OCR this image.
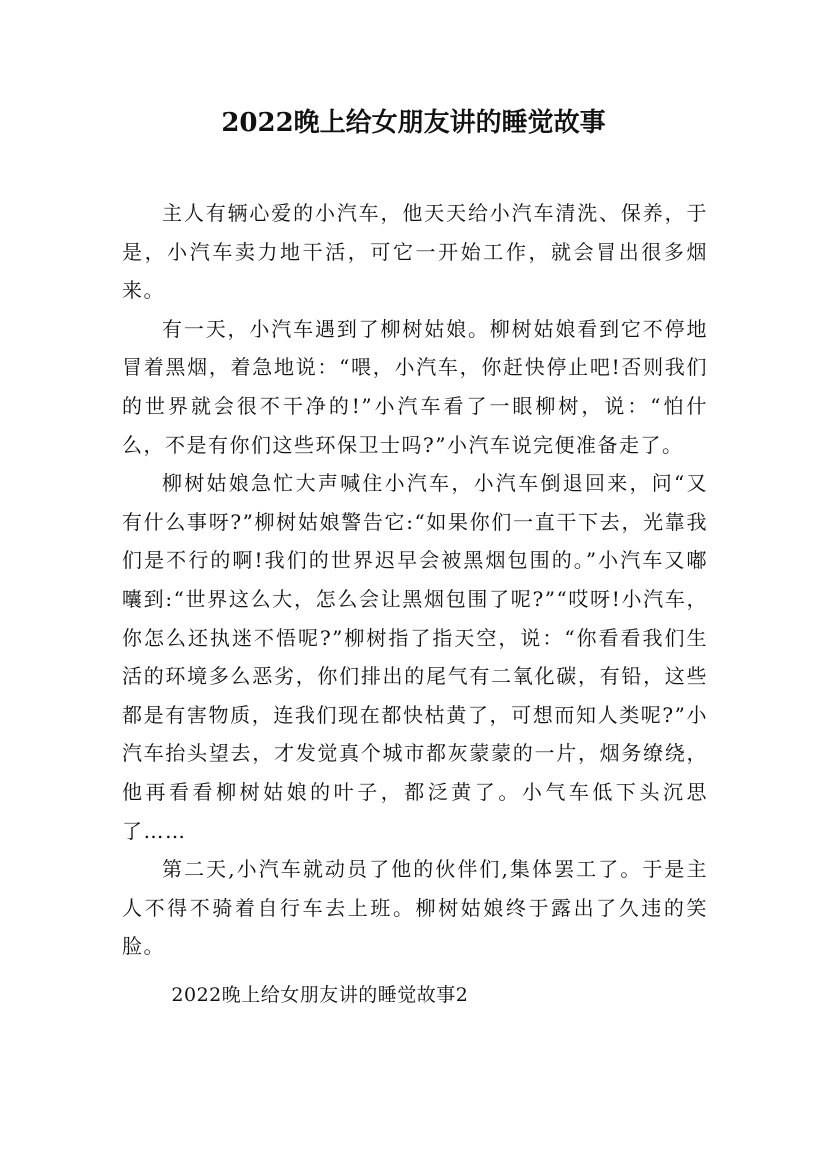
2022晚上给女朋友讲的睡觉故事

主人有辆心爱的小汽车，他天天给小汽车清洗、保养，于是，小汽车卖力地干活，可它一开始工作，就会冒出很多烟来。

有一天，小汽车遇到了柳树姑娘。柳树姑娘看到它不停地冒着黑烟，着急地说：“喂，小汽车，你赶快停止吧!否则我们的世界就会很不干净的!”小汽车看了一眼柳树，说：“怕什么，不是有你们这些环保卫士吗?”小汽车说完便准备走了。

柳树姑娘急忙大声喊住小汽车，小汽车倒退回来，问“又有什么事呀?”柳树姑娘警告它:“如果你们一直干下去，光靠我们是不行的啊!我们的世界迟早会被黑烟包围的。”小汽车又嘟囔到:“世界这么大，怎么会让黑烟包围了呢?”“哎呀!小汽车，你怎么还执迷不悟呢?”柳树指了指天空，说：“你看看我们生活的环境多么恶劣，你们排出的尾气有二氧化碳，有铅，这些都是有害物质，连我们现在都快枯黄了，可想而知人类呢?”小汽车抬头望去，才发觉真个城市都灰蒙蒙的一片，烟务缭绕，他再看看柳树姑娘的叶子，都泛黄了。小气车低下头沉思了……

第二天,小汽车就动员了他的伙伴们,集体罢工了。于是主人不得不骑着自行车去上班。柳树姑娘终于露出了久违的笑脸。

2022晚上给女朋友讲的睡觉故事2
